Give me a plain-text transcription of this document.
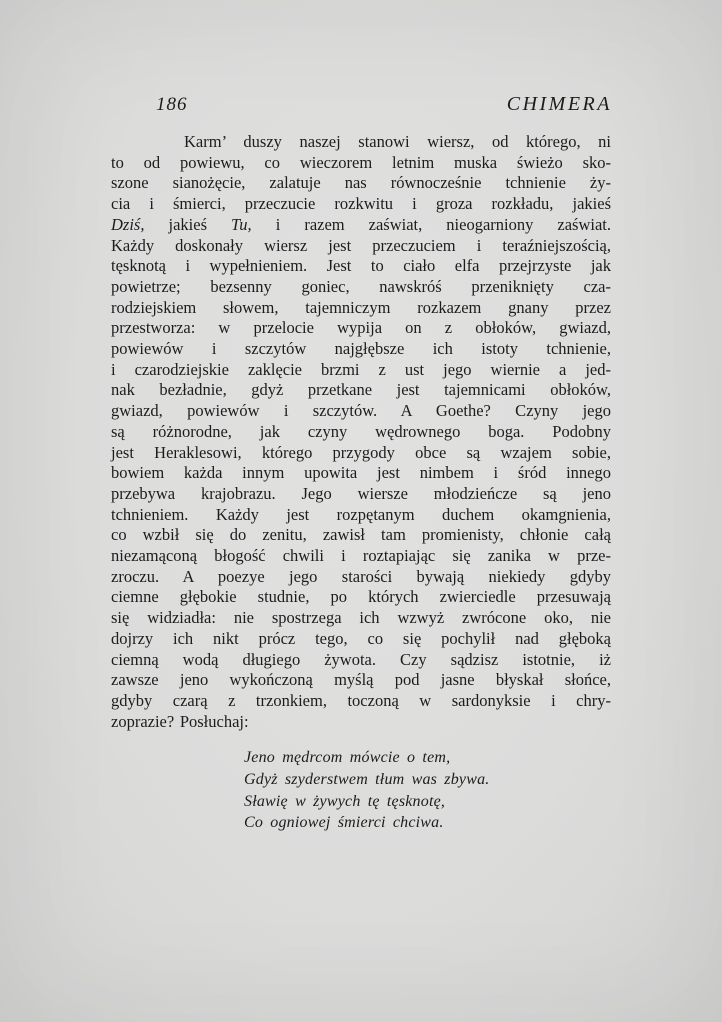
186	CHIMERA
Karm’ duszy naszej stanowi wiersz, od którego, ni
to od powiewu, co wieczorem letnim muska świeżo sko-
szone sianożęcie, zalatuje nas równocześnie tchnienie ży-
cia i śmierci, przeczucie rozkwitu i groza rozkładu, jakieś
Dziś, jakieś Tu, i razem zaświat, nieogarniony zaświat.
Każdy doskonały wiersz jest przeczuciem i teraźniejszością,
tęsknotą i wypełnieniem. Jest to ciało elfa przejrzyste jak
powietrze; bezsenny goniec, nawskróś przeniknięty cza-
rodziejskiem słowem, tajemniczym rozkazem gnany przez
przestworza: w przelocie wypija on z obłoków, gwiazd,
powiewów i szczytów najgłębsze ich istoty tchnienie,
i czarodziejskie zaklęcie brzmi z ust jego wiernie a jed-
nak bezładnie, gdyż przetkane jest tajemnicami obłoków,
gwiazd, powiewów i szczytów. A Goethe? Czyny jego
są różnorodne, jak czyny wędrownego boga. Podobny
jest Heraklesowi, którego przygody obce są wzajem sobie,
bowiem każda innym upowita jest nimbem i śród innego
przebywa krajobrazu. Jego wiersze młodzieńcze są jeno
tchnieniem. Każdy jest rozpętanym duchem okamgnienia,
co wzbił się do zenitu, zawisł tam promienisty, chłonie całą
niezamąconą błogość chwili i roztapiając się zanika w prze-
zroczu. A poezye jego starości bywają niekiedy gdyby
ciemne głębokie studnie, po których zwierciedle przesuwają
się widziadła: nie spostrzega ich wzwyż zwrócone oko, nie
dojrzy ich nikt prócz tego, co się pochylił nad głęboką
ciemną wodą długiego żywota. Czy sądzisz istotnie, iż
zawsze jeno wykończoną myślą pod jasne błyskał słońce,
gdyby czarą z trzonkiem, toczoną w sardonyksie i chry-
zoprazie? Posłuchaj:
Jeno mędrcom mówcie o tem,
Gdyż szyderstwem tłum was zbywa.
Sławię w żywych tę tęsknotę,
Co ogniowej śmierci chciwa.
